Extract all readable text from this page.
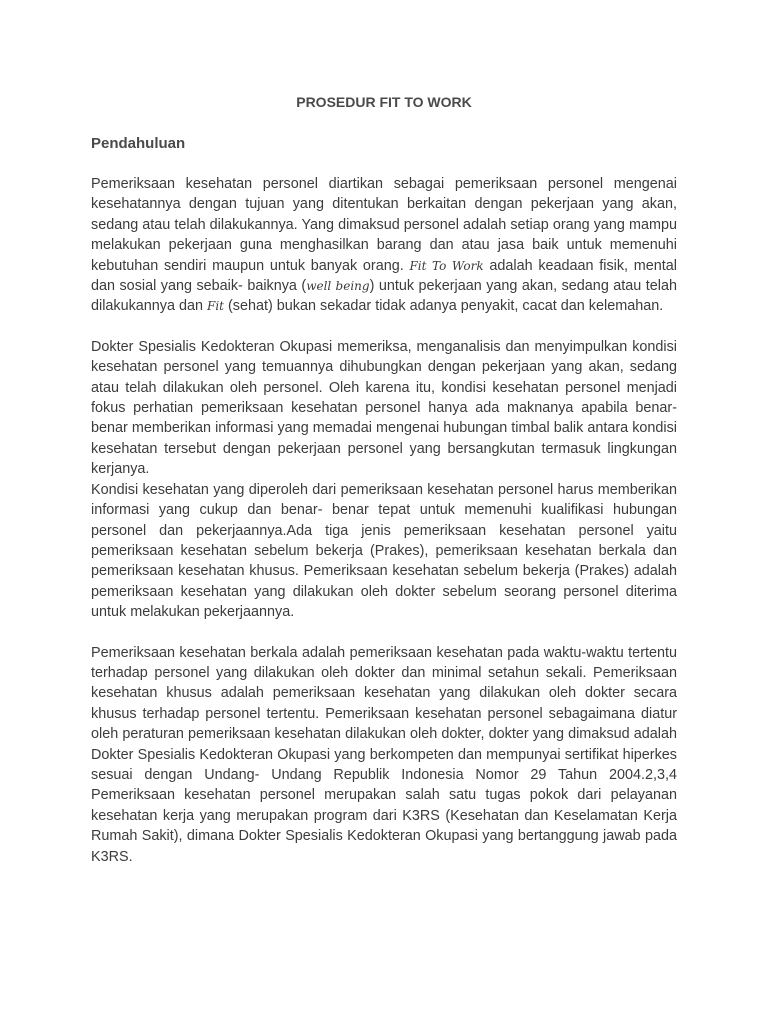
PROSEDUR FIT TO WORK
Pendahuluan

Pemeriksaan kesehatan personel diartikan sebagai pemeriksaan personel mengenai kesehatannya dengan tujuan yang ditentukan berkaitan dengan pekerjaan yang akan, sedang atau telah dilakukannya. Yang dimaksud personel adalah setiap orang yang mampu melakukan pekerjaan guna menghasilkan barang dan atau jasa baik untuk memenuhi kebutuhan sendiri maupun untuk banyak orang. Fit To Work adalah keadaan fisik, mental dan sosial yang sebaik- baiknya (well being) untuk pekerjaan yang akan, sedang atau telah dilakukannya dan Fit (sehat) bukan sekadar tidak adanya penyakit, cacat dan kelemahan.

Dokter Spesialis Kedokteran Okupasi memeriksa, menganalisis dan menyimpulkan kondisi kesehatan personel yang temuannya dihubungkan dengan pekerjaan yang akan, sedang atau telah dilakukan oleh personel. Oleh karena itu, kondisi kesehatan personel menjadi fokus perhatian pemeriksaan kesehatan personel hanya ada maknanya apabila benar-benar memberikan informasi yang memadai mengenai hubungan timbal balik antara kondisi kesehatan tersebut dengan pekerjaan personel yang bersangkutan termasuk lingkungan kerjanya.

Kondisi kesehatan yang diperoleh dari pemeriksaan kesehatan personel harus memberikan informasi yang cukup dan benar- benar tepat untuk memenuhi kualifikasi hubungan personel dan pekerjaannya.Ada tiga jenis pemeriksaan kesehatan personel yaitu pemeriksaan kesehatan sebelum bekerja (Prakes), pemeriksaan kesehatan berkala dan pemeriksaan kesehatan khusus. Pemeriksaan kesehatan sebelum bekerja (Prakes) adalah pemeriksaan kesehatan yang dilakukan oleh dokter sebelum seorang personel diterima untuk melakukan pekerjaannya.

Pemeriksaan kesehatan berkala adalah pemeriksaan kesehatan pada waktu-waktu tertentu terhadap personel yang dilakukan oleh dokter dan minimal setahun sekali. Pemeriksaan kesehatan khusus adalah pemeriksaan kesehatan yang dilakukan oleh dokter secara khusus terhadap personel tertentu. Pemeriksaan kesehatan personel sebagaimana diatur oleh peraturan pemeriksaan kesehatan dilakukan oleh dokter, dokter yang dimaksud adalah Dokter Spesialis Kedokteran Okupasi yang berkompeten dan mempunyai sertifikat hiperkes sesuai dengan Undang- Undang Republik Indonesia Nomor 29 Tahun 2004.2,3,4 Pemeriksaan kesehatan personel merupakan salah satu tugas pokok dari pelayanan kesehatan kerja yang merupakan program dari K3RS (Kesehatan dan Keselamatan Kerja Rumah Sakit), dimana Dokter Spesialis Kedokteran Okupasi yang bertanggung jawab pada K3RS.
